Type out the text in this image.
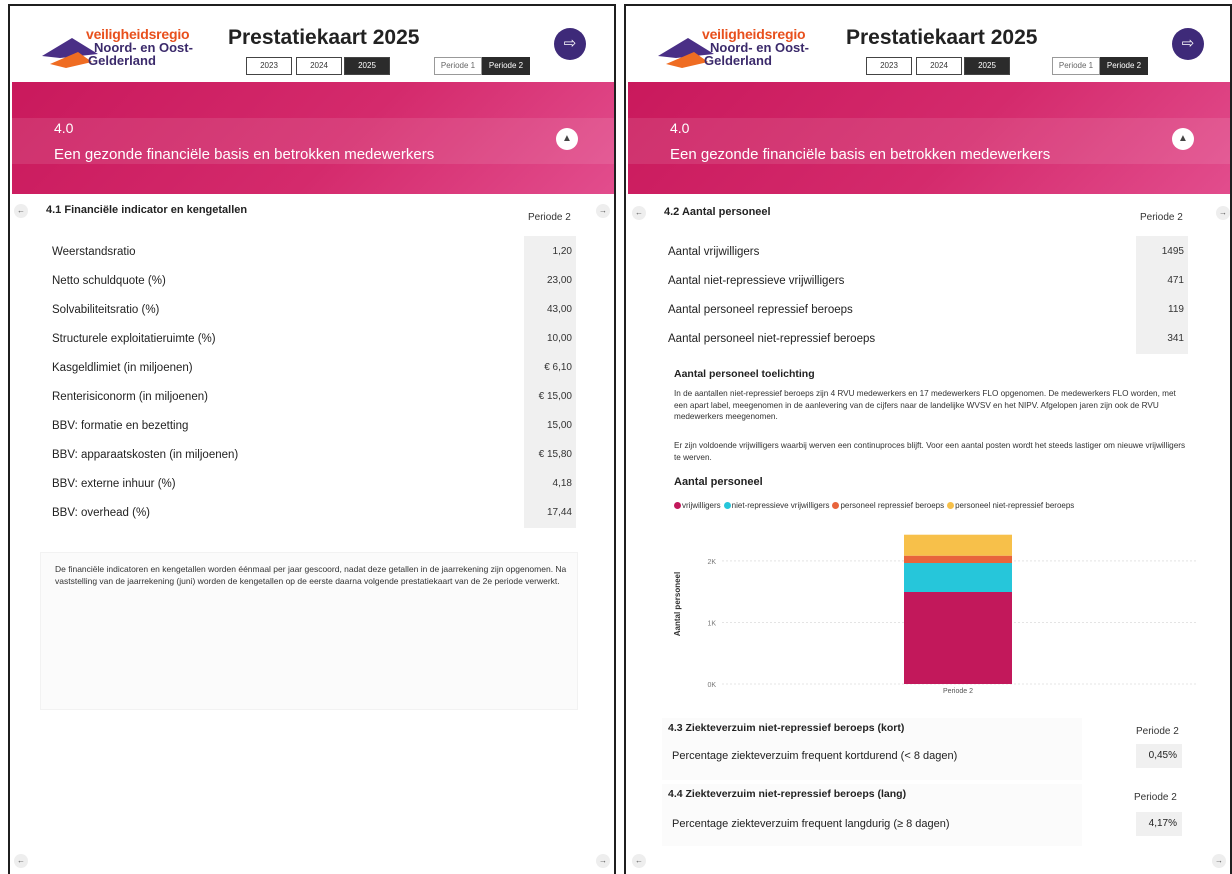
veiligheidsregio
Noord- en Oost-
Gelderland
Prestatiekaart 2025
2023	2024	2025	Periode 1	Periode 2
⇨
4.0
Een gezonde financiële basis en betrokken medewerkers
▲
←	→
4.1 Financiële indicator en kengetallen
Periode 2
Weerstandsratio	1,20
Netto schuldquote (%)	23,00
Solvabiliteitsratio (%)	43,00
Structurele exploitatieruimte (%)	10,00
Kasgeldlimiet (in miljoenen)	€ 6,10
Renterisiconorm (in miljoenen)	€ 15,00
BBV: formatie en bezetting	15,00
BBV: apparaatskosten (in miljoenen)	€ 15,80
BBV: externe inhuur (%)	4,18
BBV: overhead (%)	17,44
De financiële indicatoren en kengetallen worden éénmaal per jaar gescoord, nadat deze getallen in de jaarrekening zijn opgenomen. Na vaststelling van de jaarrekening (juni) worden de kengetallen op de eerste daarna volgende prestatiekaart van de 2e periode verwerkt.
←	→
veiligheidsregio
Noord- en Oost-
Gelderland
Prestatiekaart 2025
2023	2024	2025	Periode 1	Periode 2
⇨
4.0
Een gezonde financiële basis en betrokken medewerkers
▲
←	→
4.2 Aantal personeel	Periode 2
Aantal vrijwilligers	1495
Aantal niet-repressieve vrijwilligers	471
Aantal personeel repressief beroeps	119
Aantal personeel niet-repressief beroeps	341
Aantal personeel toelichting
In de aantallen niet-repressief beroeps zijn 4 RVU medewerkers en 17 medewerkers FLO opgenomen. De medewerkers FLO worden, met een apart label, meegenomen in de aanlevering van de cijfers naar de landelijke WVSV en het NIPV. Afgelopen jaren zijn ook de RVU medewerkers meegenomen.
Er zijn voldoende vrijwilligers waarbij werven een continuproces blijft. Voor een aantal posten wordt het steeds lastiger om nieuwe vrijwilligers te werven.
Aantal personeel
vrijwilligers niet-repressieve vrijwilligers personeel repressief beroeps personeel niet-repressief beroeps
0K
1K
2K
Aantal personeel
Periode 2
4.3 Ziekteverzuim niet-repressief beroeps (kort)	Periode 2
Percentage ziekteverzuim frequent kortdurend (< 8 dagen)	0,45%
4.4 Ziekteverzuim niet-repressief beroeps (lang)	Periode 2
Percentage ziekteverzuim frequent langdurig (≥ 8 dagen)	4,17%
←	→
